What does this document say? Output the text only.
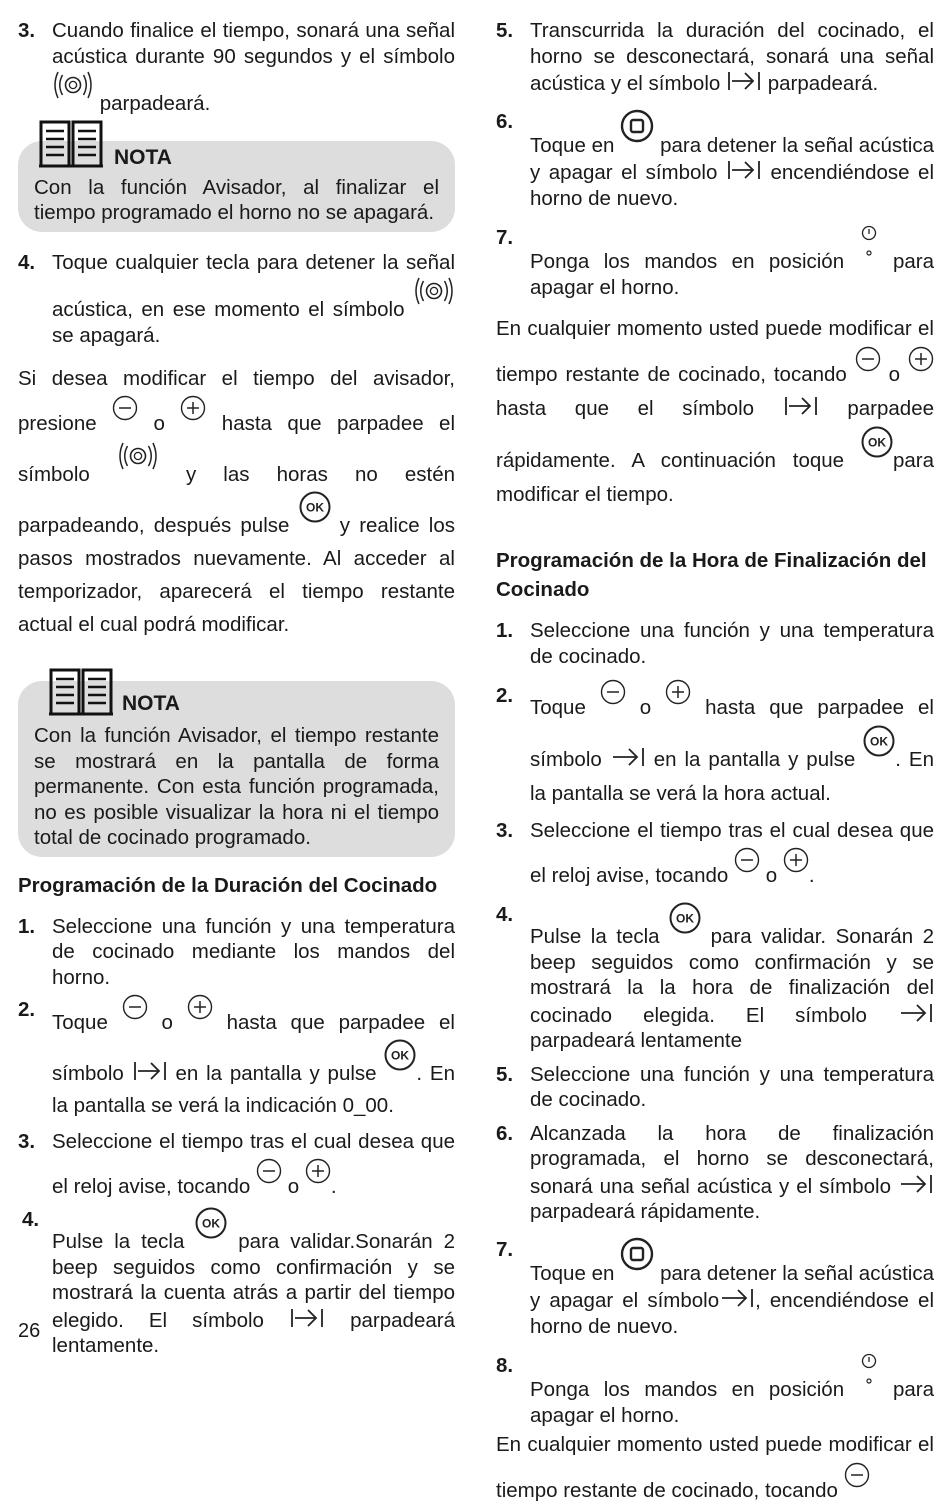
3. Cuando finalice el tiempo, sonará una señal acústica durante 90 segundos y el símbolo  parpadeará.
NOTA
Con la función Avisador, al finalizar el tiempo programado el horno no se apagará.
4. Toque cualquier tecla para detener la señal acústica, en ese momento el símbolo  se apagará.
Si desea modificar el tiempo del avisador, presione	o	hasta que parpadee el símbolo	y las horas no estén parpadeando, después pulse y realice los pasos mostrados nuevamente. Al acceder al temporizador, aparecerá el tiempo restante actual el cual podrá modificar.
NOTA
Con la función Avisador, el tiempo restante se mostrará en la pantalla de forma permanente. Con esta función programada, no es posible visualizar la hora ni el tiempo total de cocinado programado.
Programación de la Duración del Cocinado
1. Seleccione una función y una temperatura de cocinado mediante los mandos del horno.
2.
Toque	o	hasta que parpadee el símbolo	en la pantalla y pulse . En la pantalla se verá la indicación 0_00.
3. Seleccione el tiempo tras el cual desea que el reloj avise, tocando o .
4.
Pulse la tecla	para validar.Sonarán 2 beep seguidos como confirmación y se mostrará la cuenta atrás a partir del tiempo elegido. El símbolo	parpadeará lentamente.
5. Transcurrida la duración del cocinado, el horno se desconectará, sonará una señal acústica y el símbolo parpadeará.
6.
Toque en para detener la señal acústica y apagar el símbolo	encendiéndose el horno de nuevo.
7.
Ponga los mandos en posición para apagar el horno.
En cualquier momento usted puede modificar el tiempo restante de cocinado, tocando o  hasta que el símbolo	parpadee rápidamente. A continuación toque para modificar el tiempo.
Programación de la Hora de Finalización del Cocinado
1. Seleccione una función y una temperatura de cocinado.
2.
Toque	o	hasta que parpadee el símbolo	en la pantalla y pulse . En la pantalla se verá la hora actual.
3. Seleccione el tiempo tras el cual desea que el reloj avise, tocando o .
4.
Pulse la tecla para validar. Sonarán 2 beep seguidos como confirmación y se mostrará la la hora de finalización del cocinado elegida. El símbolo  parpadeará lentamente
5. Seleccione una función y una temperatura de cocinado.
6. Alcanzada la hora de finalización programada, el horno se desconectará, sonará una señal acústica y el símbolo  parpadeará rápidamente.
7.
Toque en para detener la señal acústica y apagar el símbolo , encendiéndose el horno de nuevo.
8.
Ponga los mandos en posición para apagar el horno.
En cualquier momento usted puede modificar el tiempo restante de cocinado, tocando
26
